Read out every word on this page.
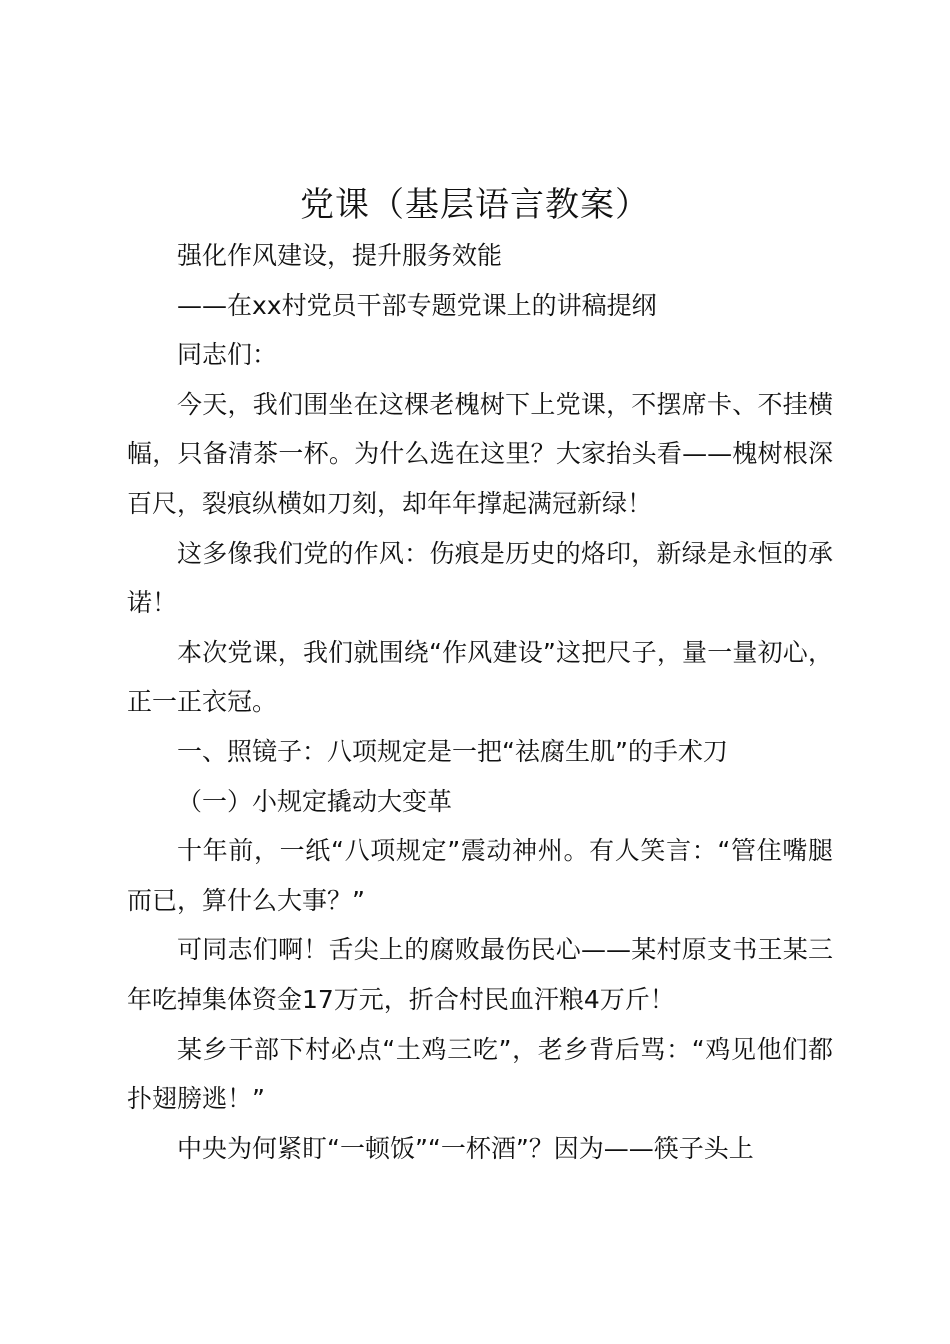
党课（基层语言教案）

强化作风建设，提升服务效能

——在xx村党员干部专题党课上的讲稿提纲

同志们：

今天，我们围坐在这棵老槐树下上党课，不摆席卡、不挂横幅，只备清茶一杯。为什么选在这里？大家抬头看——槐树根深百尺，裂痕纵横如刀刻，却年年撑起满冠新绿！

这多像我们党的作风：伤痕是历史的烙印，新绿是永恒的承诺！

本次党课，我们就围绕“作风建设”这把尺子，量一量初心，正一正衣冠。

一、照镜子：八项规定是一把“祛腐生肌”的手术刀

（一）小规定撬动大变革

十年前，一纸“八项规定”震动神州。有人笑言：“管住嘴腿而已，算什么大事？”

可同志们啊！舌尖上的腐败最伤民心——某村原支书王某三年吃掉集体资金17万元，折合村民血汗粮4万斤！

某乡干部下村必点“土鸡三吃”，老乡背后骂：“鸡见他们都扑翅膀逃！”

中央为何紧盯“一顿饭”“一杯酒”？因为——筷子头上
